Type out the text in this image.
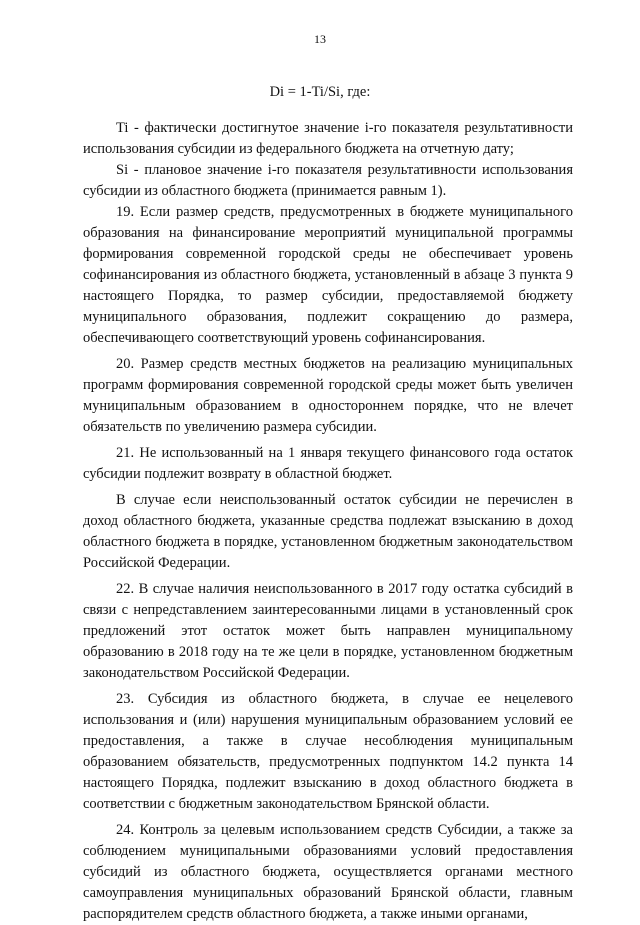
13
Di = 1-Ti/Si, где:

Ti - фактически достигнутое значение i-го показателя результативности использования субсидии из федерального бюджета на отчетную дату;

Si - плановое значение i-го показателя результативности использования субсидии из областного бюджета (принимается равным 1).

19. Если размер средств, предусмотренных в бюджете муниципального образования на финансирование мероприятий муниципальной программы формирования современной городской среды не обеспечивает уровень софинансирования из областного бюджета, установленный в абзаце 3 пункта 9 настоящего Порядка, то размер субсидии, предоставляемой бюджету муниципального образования, подлежит сокращению до размера, обеспечивающего соответствующий уровень софинансирования.

20. Размер средств местных бюджетов на реализацию муниципальных программ формирования современной городской среды может быть увеличен муниципальным образованием в одностороннем порядке, что не влечет обязательств по увеличению размера субсидии.

21. Не использованный на 1 января текущего финансового года остаток субсидии подлежит возврату в областной бюджет.

В случае если неиспользованный остаток субсидии не перечислен в доход областного бюджета, указанные средства подлежат взысканию в доход областного бюджета в порядке, установленном бюджетным законодательством Российской Федерации.

22. В случае наличия неиспользованного в 2017 году остатка субсидий в связи с непредставлением заинтересованными лицами в установленный срок предложений этот остаток может быть направлен муниципальному образованию в 2018 году на те же цели в порядке, установленном бюджетным законодательством Российской Федерации.

23. Субсидия из областного бюджета, в случае ее нецелевого использования и (или) нарушения муниципальным образованием условий ее предоставления, а также в случае несоблюдения муниципальным образованием обязательств, предусмотренных подпунктом 14.2 пункта 14 настоящего Порядка, подлежит взысканию в доход областного бюджета в соответствии с бюджетным законодательством Брянской области.

24. Контроль за целевым использованием средств Субсидии, а также за соблюдением муниципальными образованиями условий предоставления субсидий из областного бюджета, осуществляется органами местного самоуправления муниципальных образований Брянской области, главным распорядителем средств областного бюджета, а также иными органами,
